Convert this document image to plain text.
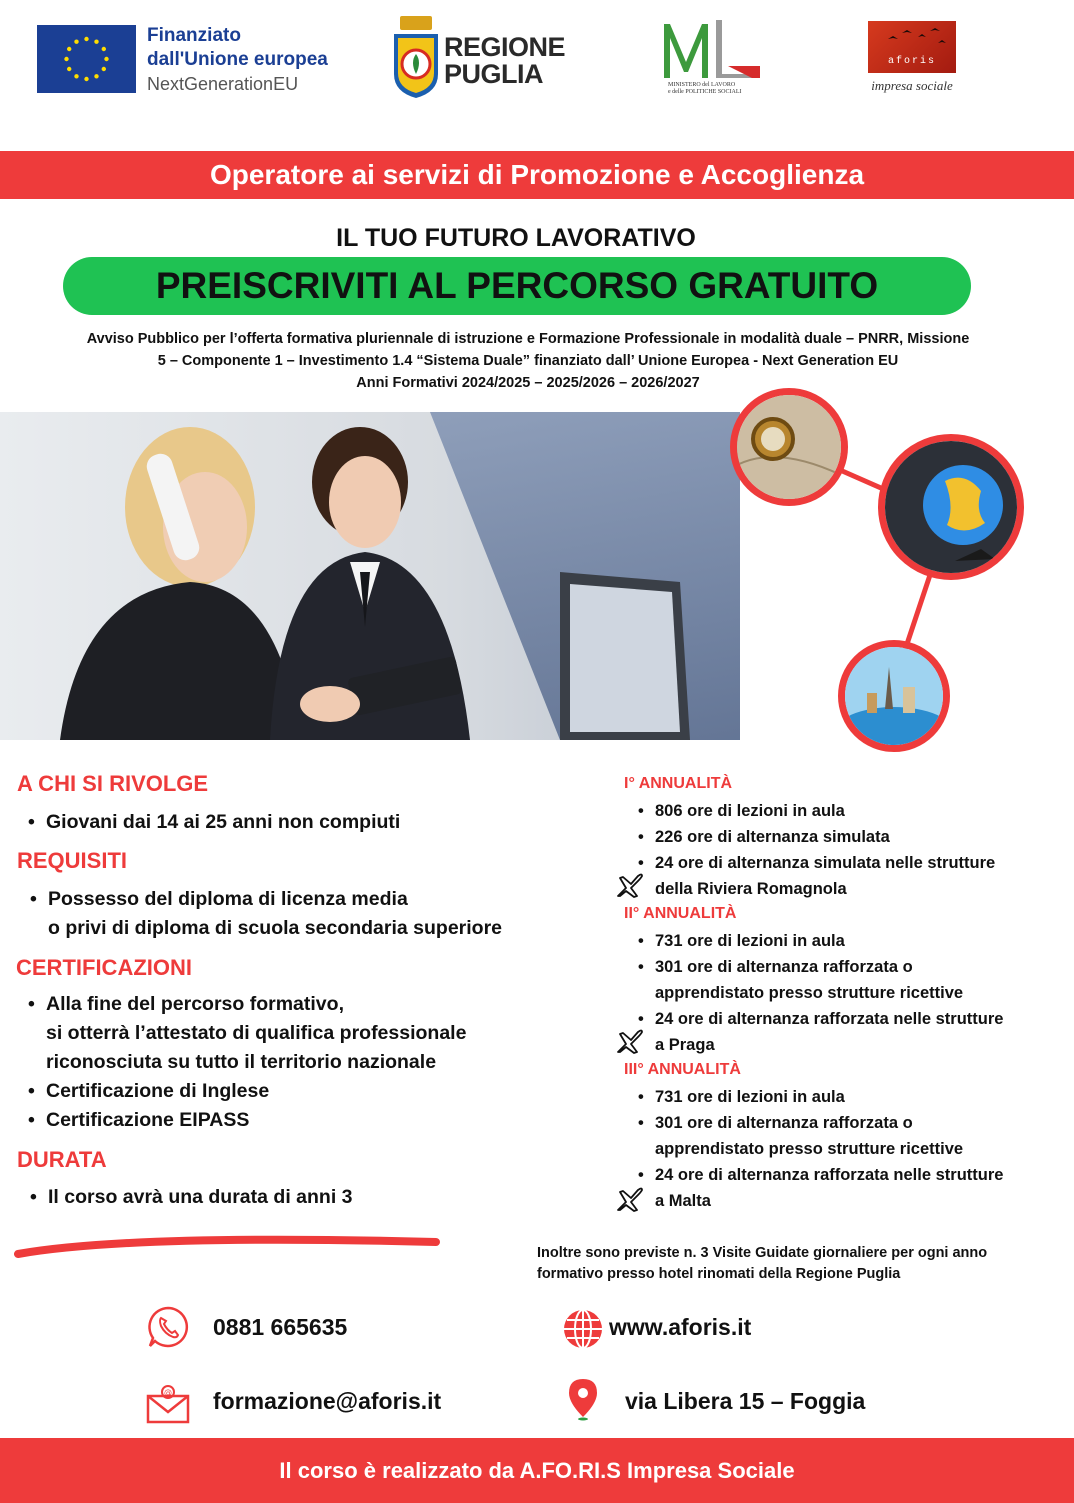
Finanziato
dall'Unione europea
NextGenerationEU
REGIONE
PUGLIA	MINISTERO del LAVORO
e delle POLITICHE SOCIALI
aforis
impresa sociale
Operatore ai servizi di Promozione e Accoglienza
IL TUO FUTURO LAVORATIVO
PREISCRIVITI AL PERCORSO GRATUITO
Avviso Pubblico per l’offerta formativa pluriennale di istruzione e Formazione Professionale in modalità duale – PNRR, Missione
5 – Componente 1 – Investimento 1.4 “Sistema Duale” finanziato dall’ Unione Europea - Next Generation EU
Anni Formativi 2024/2025 – 2025/2026 – 2026/2027
A CHI SI RIVOLGE
• Giovani dai 14 ai 25 anni non compiuti
REQUISITI
• Possesso del diploma di licenza media
o privi di diploma di scuola secondaria superiore
CERTIFICAZIONI
• Alla fine del percorso formativo,
si otterrà l’attestato di qualifica professionale
riconosciuta su tutto il territorio nazionale
• Certificazione di Inglese
• Certificazione EIPASS
DURATA
• Il corso avrà una durata di anni 3
I° ANNUALITÀ
• 806 ore di lezioni in aula
• 226 ore di alternanza simulata
• 24 ore di alternanza simulata nelle strutture
della Riviera Romagnola
II° ANNUALITÀ
• 731 ore di lezioni in aula
• 301 ore di alternanza rafforzata o
apprendistato presso strutture ricettive
• 24 ore di alternanza rafforzata nelle strutture
a Praga
III° ANNUALITÀ
• 731 ore di lezioni in aula
• 301 ore di alternanza rafforzata o
apprendistato presso strutture ricettive
• 24 ore di alternanza rafforzata nelle strutture
a Malta
Inoltre sono previste n. 3 Visite Guidate giornaliere per ogni anno
formativo presso hotel rinomati della Regione Puglia
0881 665635	www.aforis.it
@ formazione@aforis.it	via Libera 15 – Foggia
Il corso è realizzato da A.FO.RI.S Impresa Sociale
